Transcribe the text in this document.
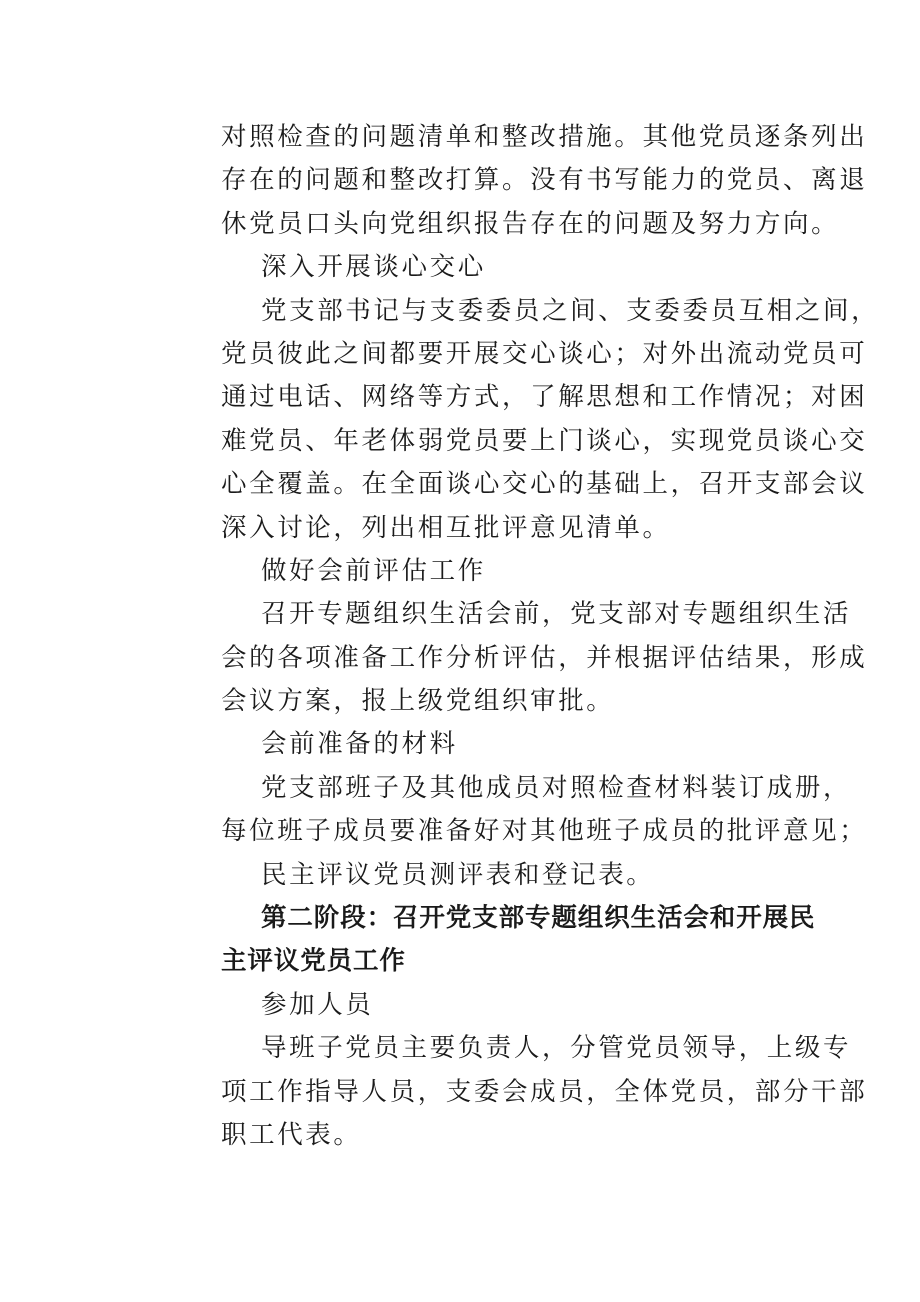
对照检查的问题清单和整改措施。其他党员逐条列出
存在的问题和整改打算。没有书写能力的党员、离退
休党员口头向党组织报告存在的问题及努力方向。
深入开展谈心交心
党支部书记与支委委员之间、支委委员互相之间，
党员彼此之间都要开展交心谈心；对外出流动党员可
通过电话、网络等方式，了解思想和工作情况；对困
难党员、年老体弱党员要上门谈心，实现党员谈心交
心全覆盖。在全面谈心交心的基础上，召开支部会议
深入讨论，列出相互批评意见清单。
做好会前评估工作
召开专题组织生活会前，党支部对专题组织生活
会的各项准备工作分析评估，并根据评估结果，形成
会议方案，报上级党组织审批。
会前准备的材料
党支部班子及其他成员对照检查材料装订成册，
每位班子成员要准备好对其他班子成员的批评意见；
民主评议党员测评表和登记表。
第二阶段：召开党支部专题组织生活会和开展民
主评议党员工作
参加人员
导班子党员主要负责人，分管党员领导，上级专
项工作指导人员，支委会成员，全体党员，部分干部
职工代表。
